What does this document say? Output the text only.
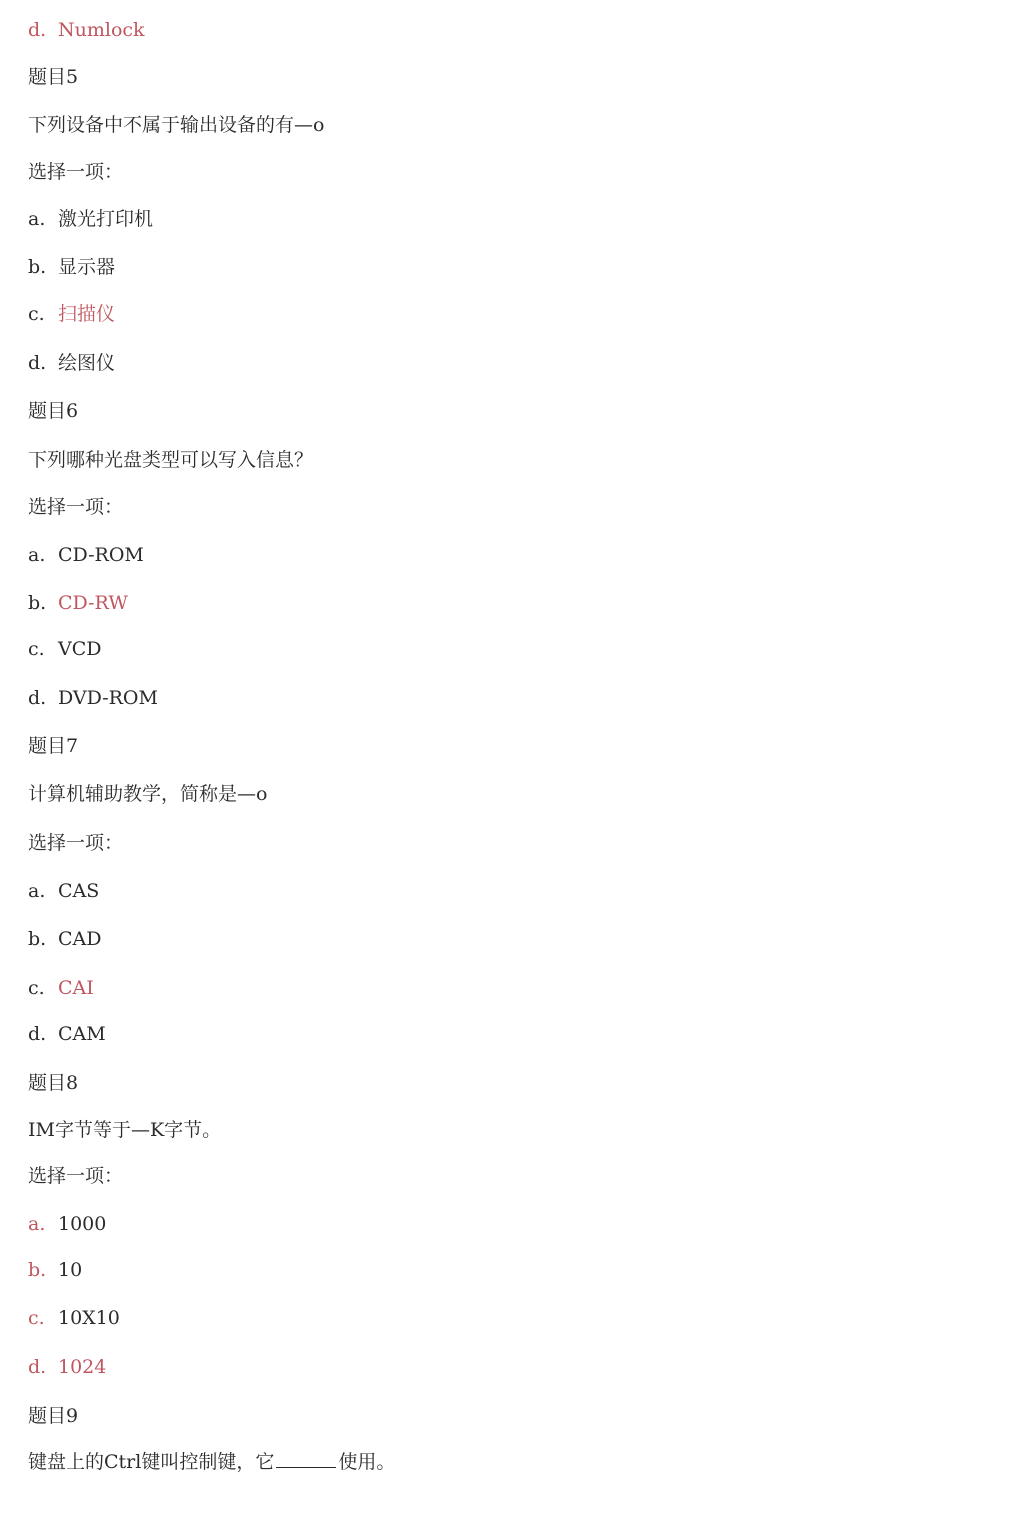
d. Numlock
题目5
下列设备中不属于输出设备的有—o
选择一项：
a. 激光打印机
b. 显示器
c. 扫描仪
d. 绘图仪
题目6
下列哪种光盘类型可以写入信息？
选择一项：
a. CD-ROM
b. CD-RW
c. VCD
d. DVD-ROM
题目7
计算机辅助教学，简称是—o
选择一项：
a. CAS
b. CAD
c. CAI
d. CAM
题目8
IM字节等于—K字节。
选择一项：
a. 1000
b. 10
c. 10X10
d. 1024
题目9
键盘上的Ctrl键叫控制键，它	使用。
